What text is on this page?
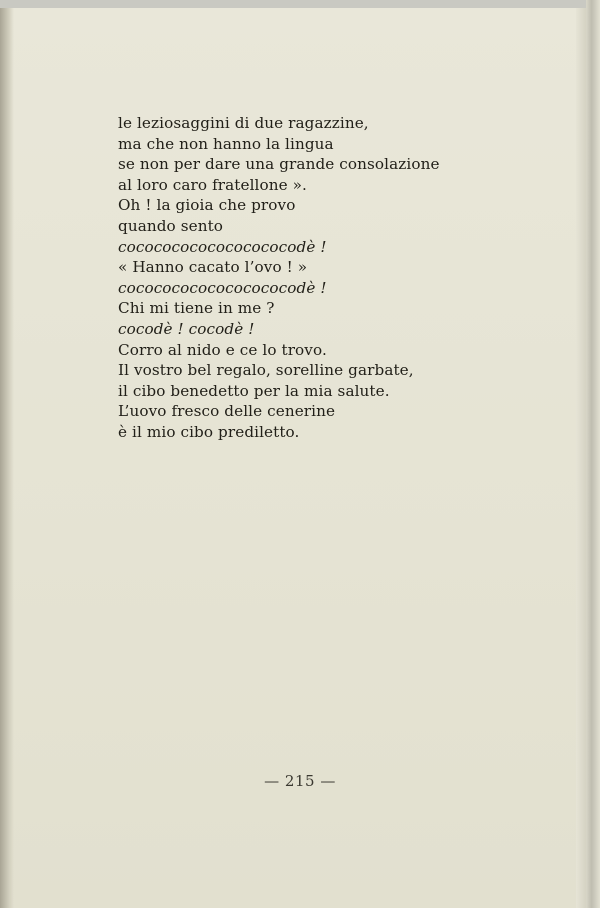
le leziosaggini di due ragazzine,
ma che non hanno la lingua
se non per dare una grande consolazione
al loro caro fratellone ».
Oh ! la gioia che provo
quando sento
cocococococococococodè !
« Hanno cacato l’ovo ! »
cocococococococococodè !
Chi mi tiene in me ?
cocodè ! cocodè !
Corro al nido e ce lo trovo.
Il vostro bel regalo, sorelline garbate,
il cibo benedetto per la mia salute.
L’uovo fresco delle cenerine
è il mio cibo prediletto.
— 215 —
